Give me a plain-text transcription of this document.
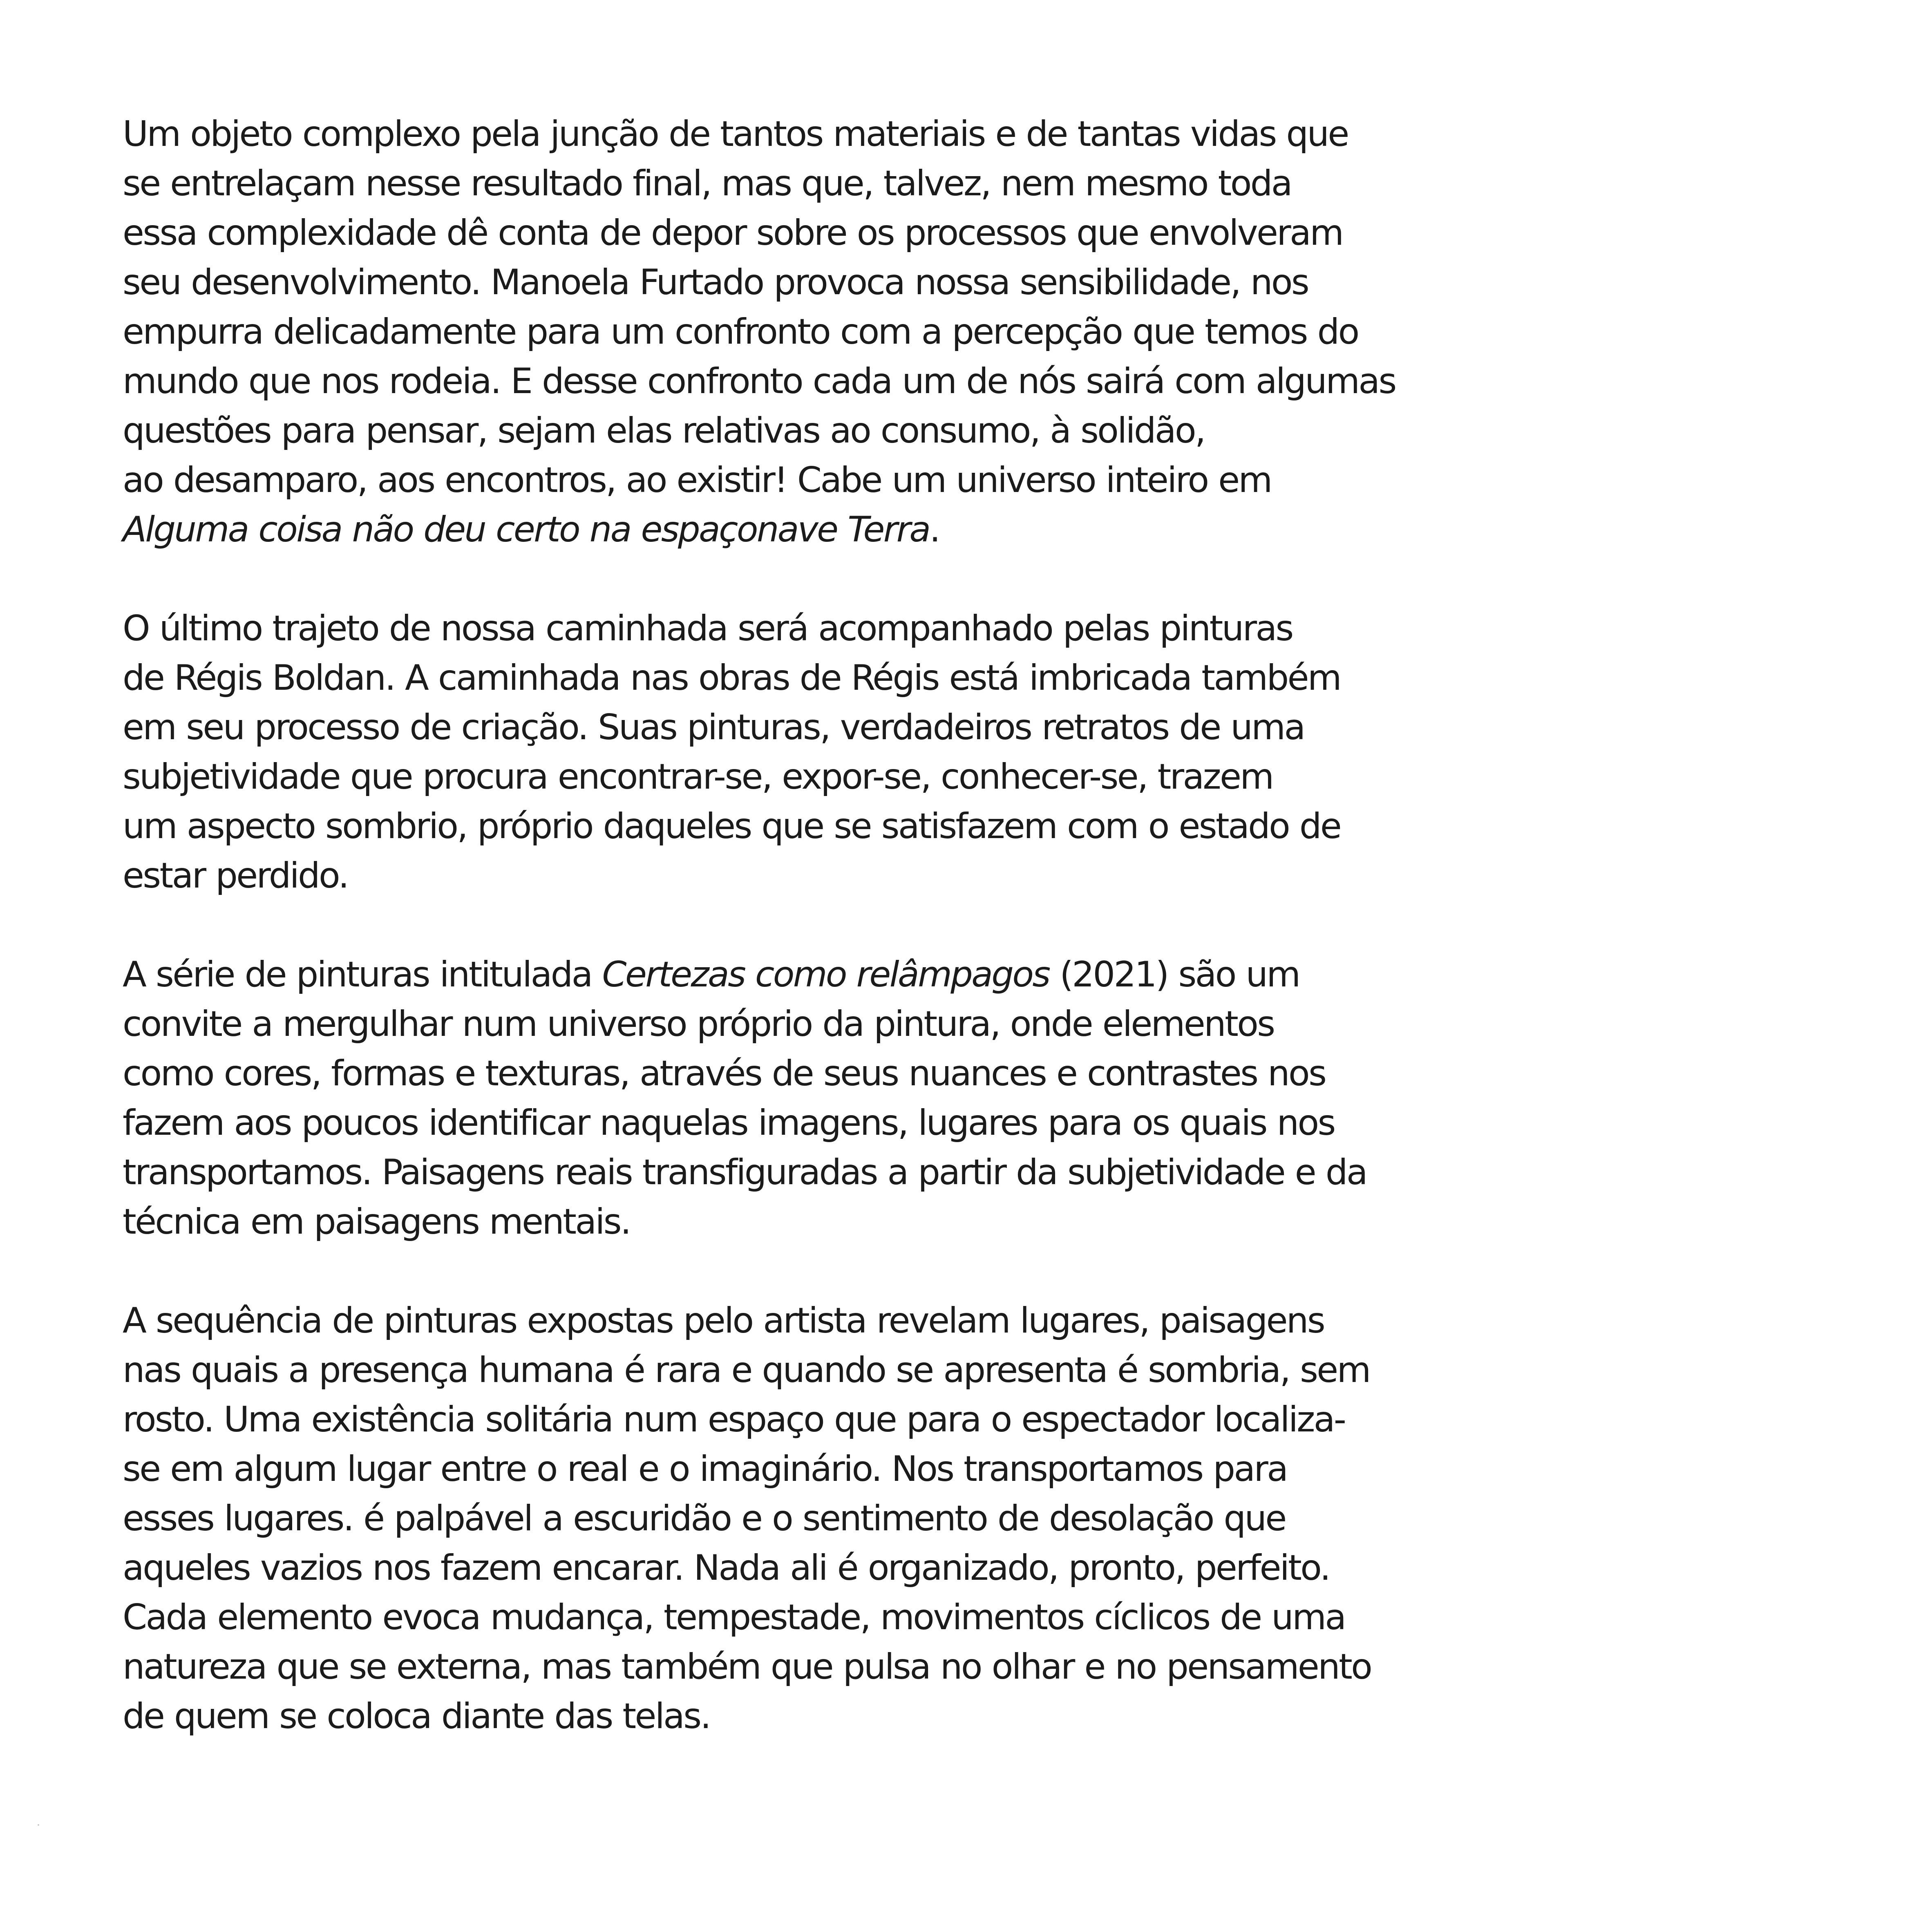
Um objeto complexo pela junção de tantos materiais e de tantas vidas que
se entrelaçam nesse resultado final, mas que, talvez, nem mesmo toda
essa complexidade dê conta de depor sobre os processos que envolveram
seu desenvolvimento. Manoela Furtado provoca nossa sensibilidade, nos
empurra delicadamente para um confronto com a percepção que temos do
mundo que nos rodeia. E desse confronto cada um de nós sairá com algumas
questões para pensar, sejam elas relativas ao consumo, à solidão,
ao desamparo, aos encontros, ao existir! Cabe um universo inteiro em
Alguma coisa não deu certo na espaçonave Terra.
O último trajeto de nossa caminhada será acompanhado pelas pinturas
de Régis Boldan. A caminhada nas obras de Régis está imbricada também
em seu processo de criação. Suas pinturas, verdadeiros retratos de uma
subjetividade que procura encontrar-se, expor-se, conhecer-se, trazem
um aspecto sombrio, próprio daqueles que se satisfazem com o estado de
estar perdido.
A série de pinturas intitulada Certezas como relâmpagos (2021) são um
convite a mergulhar num universo próprio da pintura, onde elementos
como cores, formas e texturas, através de seus nuances e contrastes nos
fazem aos poucos identificar naquelas imagens, lugares para os quais nos
transportamos. Paisagens reais transfiguradas a partir da subjetividade e da
técnica em paisagens mentais.
A sequência de pinturas expostas pelo artista revelam lugares, paisagens
nas quais a presença humana é rara e quando se apresenta é sombria, sem
rosto. Uma existência solitária num espaço que para o espectador localiza-
se em algum lugar entre o real e o imaginário. Nos transportamos para
esses lugares. é palpável a escuridão e o sentimento de desolação que
aqueles vazios nos fazem encarar. Nada ali é organizado, pronto, perfeito.
Cada elemento evoca mudança, tempestade, movimentos cíclicos de uma
natureza que se externa, mas também que pulsa no olhar e no pensamento
de quem se coloca diante das telas.
